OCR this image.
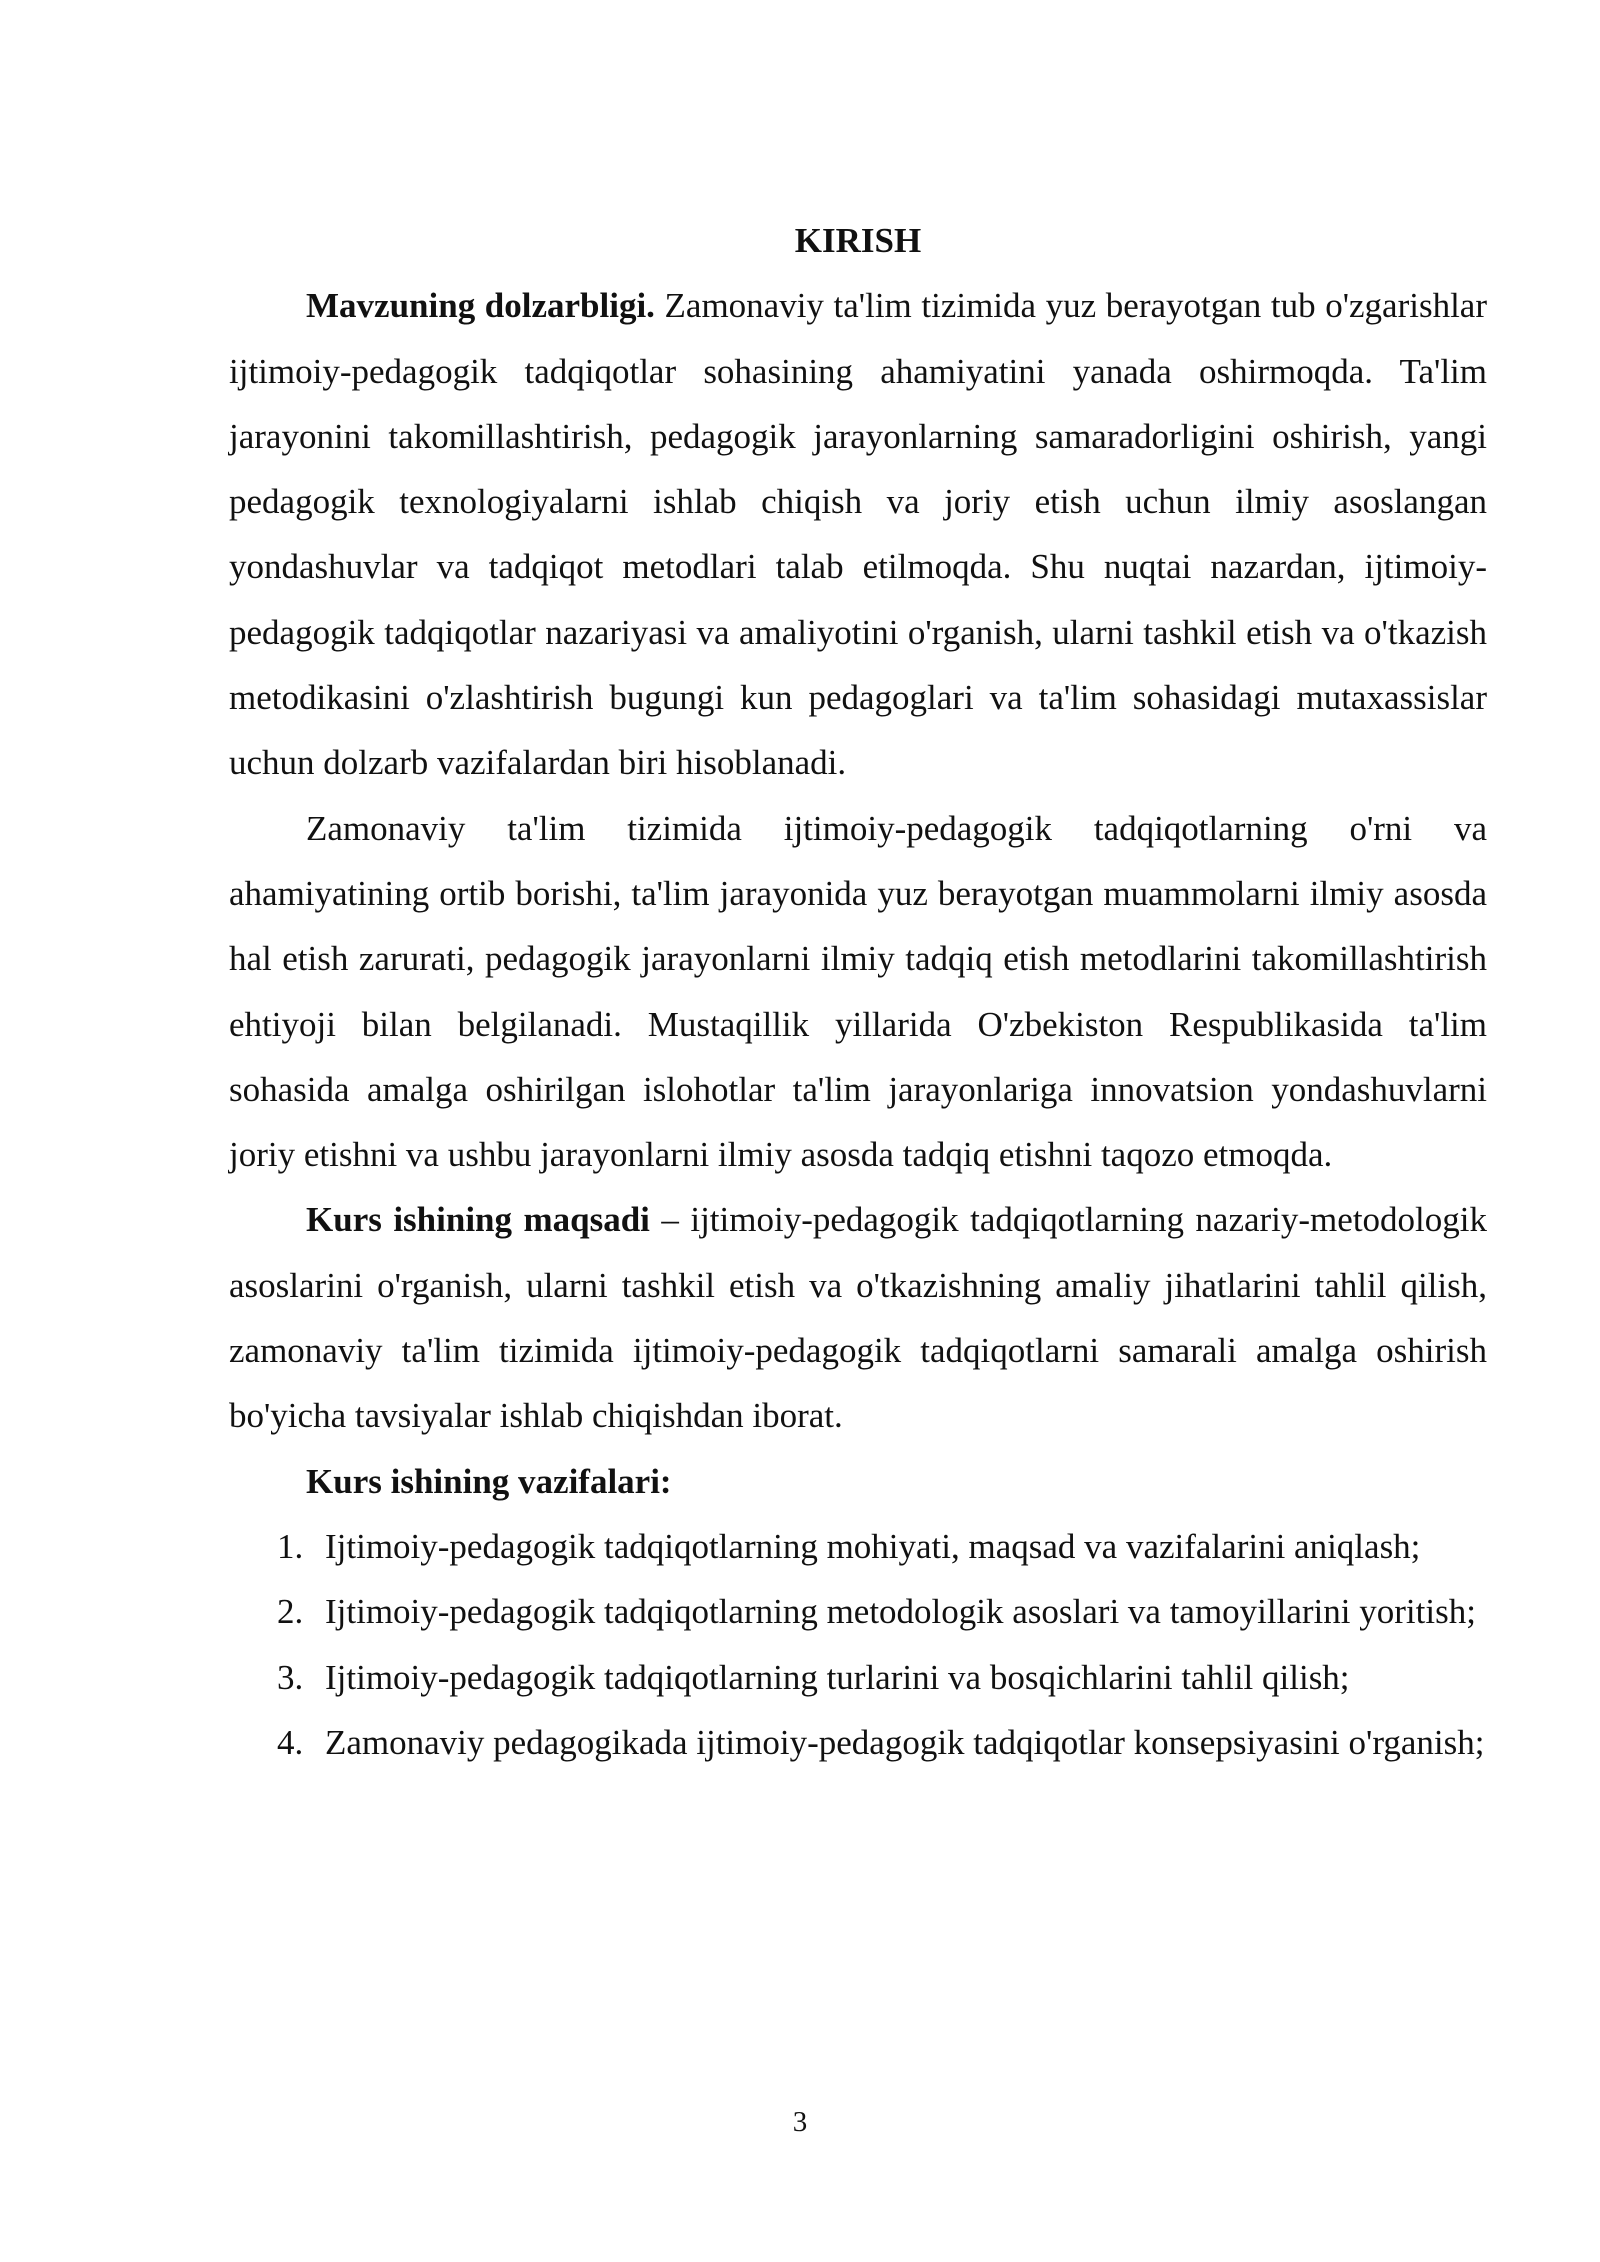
KIRISH

Mavzuning dolzarbligi. Zamonaviy ta'lim tizimida yuz berayotgan tub o'zgarishlar ijtimoiy-pedagogik tadqiqotlar sohasining ahamiyatini yanada oshirmoqda. Ta'lim jarayonini takomillashtirish, pedagogik jarayonlarning samaradorligini oshirish, yangi pedagogik texnologiyalarni ishlab chiqish va joriy etish uchun ilmiy asoslangan yondashuvlar va tadqiqot metodlari talab etilmoqda. Shu nuqtai nazardan, ijtimoiy-pedagogik tadqiqotlar nazariyasi va amaliyotini o'rganish, ularni tashkil etish va o'tkazish metodikasini o'zlashtirish bugungi kun pedagoglari va ta'lim sohasidagi mutaxassislar uchun dolzarb vazifalardan biri hisoblanadi.

Zamonaviy ta'lim tizimida ijtimoiy-pedagogik tadqiqotlarning o'rni va ahamiyatining ortib borishi, ta'lim jarayonida yuz berayotgan muammolarni ilmiy asosda hal etish zarurati, pedagogik jarayonlarni ilmiy tadqiq etish metodlarini takomillashtirish ehtiyoji bilan belgilanadi. Mustaqillik yillarida O'zbekiston Respublikasida ta'lim sohasida amalga oshirilgan islohotlar ta'lim jarayonlariga innovatsion yondashuvlarni joriy etishni va ushbu jarayonlarni ilmiy asosda tadqiq etishni taqozo etmoqda.

Kurs ishining maqsadi – ijtimoiy-pedagogik tadqiqotlarning nazariy-metodologik asoslarini o'rganish, ularni tashkil etish va o'tkazishning amaliy jihatlarini tahlil qilish, zamonaviy ta'lim tizimida ijtimoiy-pedagogik tadqiqotlarni samarali amalga oshirish bo'yicha tavsiyalar ishlab chiqishdan iborat.

Kurs ishining vazifalari:
1. Ijtimoiy-pedagogik tadqiqotlarning mohiyati, maqsad va vazifalarini aniqlash;
2. Ijtimoiy-pedagogik tadqiqotlarning metodologik asoslari va tamoyillarini yoritish;
3. Ijtimoiy-pedagogik tadqiqotlarning turlarini va bosqichlarini tahlil qilish;
4. Zamonaviy pedagogikada ijtimoiy-pedagogik tadqiqotlar konsepsiyasini o'rganish;
3
